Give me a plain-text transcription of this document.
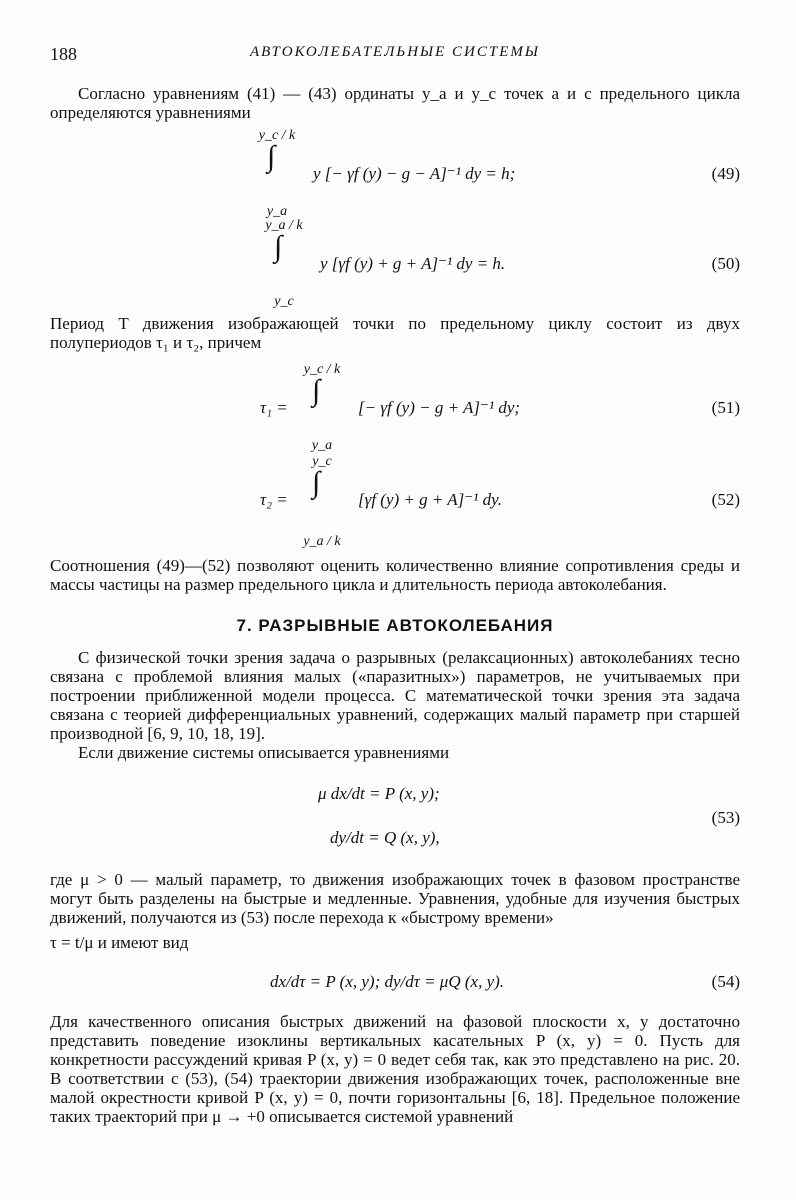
188	АВТОКОЛЕБАТЕЛЬНЫЕ СИСТЕМЫ

Согласно уравнениям (41) — (43) ординаты y_a и y_c точек a и c предельного цикла определяются уравнениями

y_c / k
∫
y_a
y [− γf (y) − g − A]⁻¹ dy = h;	(49)
y_a / k
∫
y_c
y [γf (y) + g + A]⁻¹ dy = h.	(50)

Период T движения изображающей точки по предельному циклу состоит из двух полупериодов τ₁ и τ₂, причем

τ₁ =
y_c / k
∫
y_a
[− γf (y) − g + A]⁻¹ dy;	(51)
τ₂ =
y_c
∫
y_a / k
[γf (y) + g + A]⁻¹ dy.	(52)

Соотношения (49)—(52) позволяют оценить количественно влияние сопротивления среды и массы частицы на размер предельного цикла и длительность периода автоколебания.

7. РАЗРЫВНЫЕ АВТОКОЛЕБАНИЯ

С физической точки зрения задача о разрывных (релаксационных) автоколебаниях тесно связана с проблемой влияния малых («паразитных») параметров, не учитываемых при построении приближенной модели процесса. С математической точки зрения эта задача связана с теорией дифференциальных уравнений, содержащих малый параметр при старшей производной [6, 9, 10, 18, 19].

Если движение системы описывается уравнениями

μ dx/dt = P (x, y);
dy/dt = Q (x, y),
(53)

где μ > 0 — малый параметр, то движения изображающих точек в фазовом пространстве могут быть разделены на быстрые и медленные. Уравнения, удобные для изучения быстрых движений, получаются из (53) после перехода к «быстрому времени»

τ = t/μ и имеют вид

dx/dτ = P (x, y); dy/dτ = μQ (x, y).	(54)

Для качественного описания быстрых движений на фазовой плоскости x, y достаточно представить поведение изоклины вертикальных касательных P (x, y) = 0. Пусть для конкретности рассуждений кривая P (x, y) = 0 ведет себя так, как это представлено на рис. 20. В соответствии с (53), (54) траектории движения изображающих точек, расположенные вне малой окрестности кривой P (x, y) = 0, почти горизонтальны [6, 18]. Предельное положение таких траекторий при μ → +0 описывается системой уравнений
